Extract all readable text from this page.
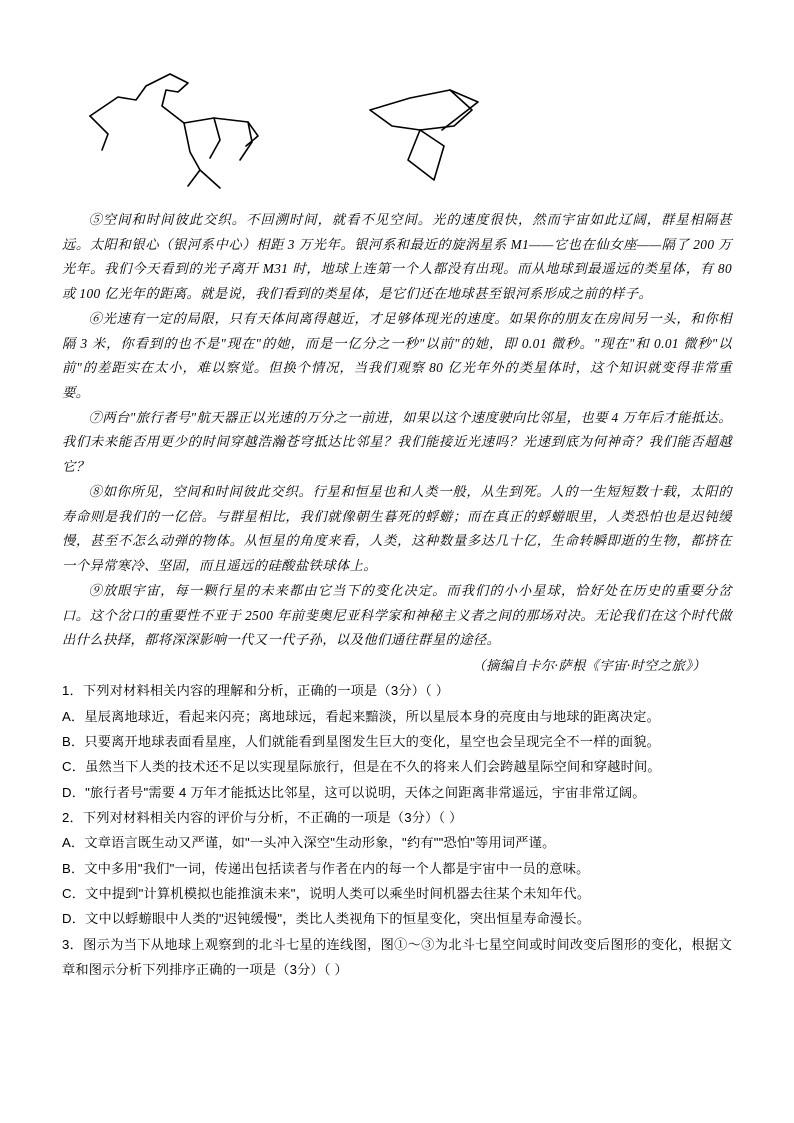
⑤空间和时间彼此交织。不回溯时间，就看不见空间。光的速度很快，然而宇宙如此辽阔，群星相隔甚远。太阳和银心（银河系中心）相距 3 万光年。银河系和最近的旋涡星系 M1——它也在仙女座——隔了 200 万光年。我们今天看到的光子离开 M31 时，地球上连第一个人都没有出现。而从地球到最遥远的类星体，有 80 或 100 亿光年的距离。就是说，我们看到的类星体，是它们还在地球甚至银河系形成之前的样子。

⑥光速有一定的局限，只有天体间离得越近，才足够体现光的速度。如果你的朋友在房间另一头，和你相隔 3 米，你看到的也不是"现在"的她，而是一亿分之一秒"以前"的她，即 0.01 微秒。"现在"和 0.01 微秒"以前"的差距实在太小，难以察觉。但换个情况，当我们观察 80 亿光年外的类星体时，这个知识就变得非常重要。

⑦两台"旅行者号"航天器正以光速的万分之一前进，如果以这个速度驶向比邻星，也要 4 万年后才能抵达。我们未来能否用更少的时间穿越浩瀚苍穹抵达比邻星？我们能接近光速吗？光速到底为何神奇？我们能否超越它？

⑧如你所见，空间和时间彼此交织。行星和恒星也和人类一般，从生到死。人的一生短短数十载，太阳的寿命则是我们的一亿倍。与群星相比，我们就像朝生暮死的蜉蝣；而在真正的蜉蝣眼里，人类恐怕也是迟钝缓慢，甚至不怎么动弹的物体。从恒星的角度来看，人类，这种数量多达几十亿，生命转瞬即逝的生物，都挤在一个异常寒冷、坚固，而且遥远的硅酸盐铁球体上。

⑨放眼宇宙，每一颗行星的未来都由它当下的变化决定。而我们的小小星球，恰好处在历史的重要分岔口。这个岔口的重要性不亚于 2500 年前斐奥尼亚科学家和神秘主义者之间的那场对决。无论我们在这个时代做出什么抉择，都将深深影响一代又一代子孙，以及他们通往群星的途径。

（摘编自卡尔·萨根《宇宙·时空之旅》）

1．下列对材料相关内容的理解和分析，正确的一项是（3分）（ ）

A．星辰离地球近，看起来闪亮；离地球远，看起来黯淡，所以星辰本身的亮度由与地球的距离决定。

B．只要离开地球表面看星座，人们就能看到星图发生巨大的变化，星空也会呈现完全不一样的面貌。

C．虽然当下人类的技术还不足以实现星际旅行，但是在不久的将来人们会跨越星际空间和穿越时间。

D．"旅行者号"需要 4 万年才能抵达比邻星，这可以说明，天体之间距离非常遥远，宇宙非常辽阔。

2．下列对材料相关内容的评价与分析，不正确的一项是（3分）（ ）

A．文章语言既生动又严谨，如"一头冲入深空"生动形象，"约有""恐怕"等用词严谨。

B．文中多用"我们"一词，传递出包括读者与作者在内的每一个人都是宇宙中一员的意味。

C．文中提到"计算机模拟也能推演未来"，说明人类可以乘坐时间机器去往某个未知年代。

D．文中以蜉蝣眼中人类的"迟钝缓慢"，类比人类视角下的恒星变化，突出恒星寿命漫长。

3．图示为当下从地球上观察到的北斗七星的连线图，图①～③为北斗七星空间或时间改变后图形的变化，根据文章和图示分析下列排序正确的一项是（3分）（ ）
